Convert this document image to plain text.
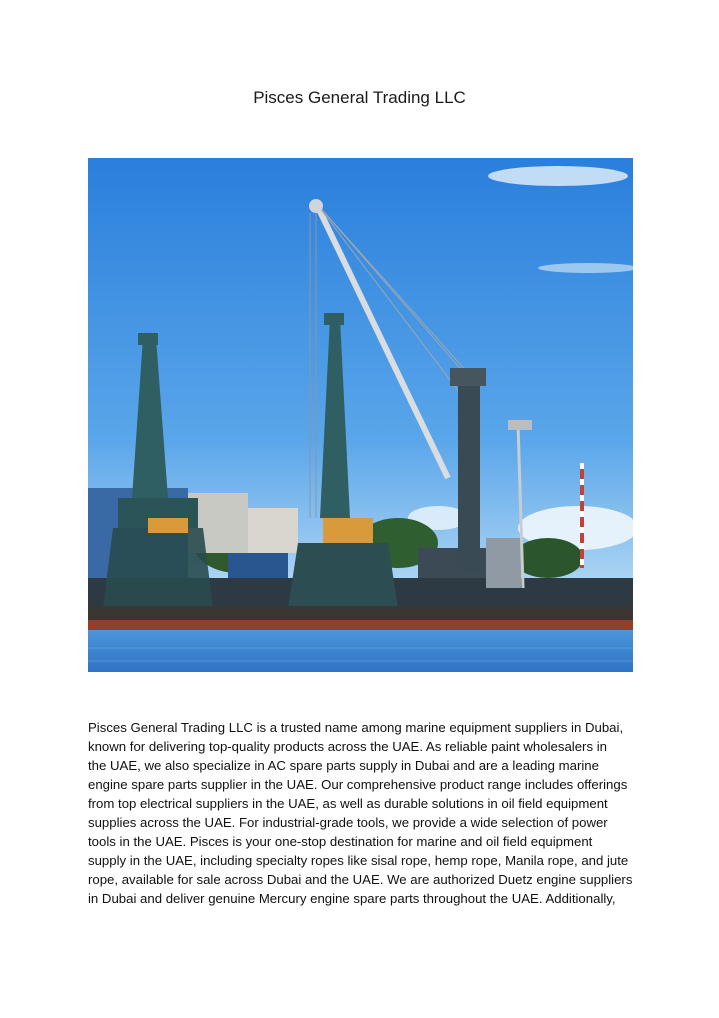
Pisces General Trading LLC
Pisces General Trading LLC is a trusted name among marine equipment suppliers in Dubai,
known for delivering top-quality products across the UAE. As reliable paint wholesalers in
the UAE, we also specialize in AC spare parts supply in Dubai and are a leading marine
engine spare parts supplier in the UAE. Our comprehensive product range includes offerings
from top electrical suppliers in the UAE, as well as durable solutions in oil field equipment
supplies across the UAE. For industrial-grade tools, we provide a wide selection of power
tools in the UAE. Pisces is your one-stop destination for marine and oil field equipment
supply in the UAE, including specialty ropes like sisal rope, hemp rope, Manila rope, and jute
rope, available for sale across Dubai and the UAE. We are authorized Duetz engine suppliers
in Dubai and deliver genuine Mercury engine spare parts throughout the UAE. Additionally,
